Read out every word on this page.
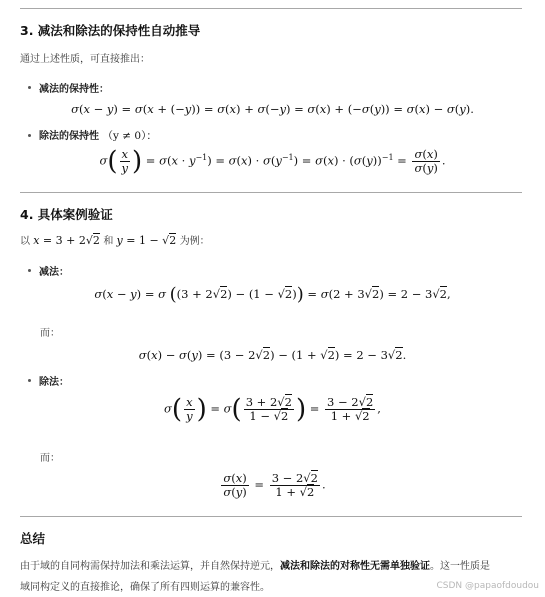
3. 减法和除法的保持性自动推导
通过上述性质，可直接推出：
减法的保持性：
σ(x − y) = σ(x + (−y)) = σ(x) + σ(−y) = σ(x) + (−σ(y)) = σ(x) − σ(y).
除法的保持性 （y ≠ 0）：
$\sigma( \frac{x}{y}$ ) = $\sigma(x \cdot y^{-1}) = \sigma(x) \cdot \sigma(y^{-1}) = \sigma(x) \cdot (\sigma(y))^{-1} = \frac{\sigma(x)}{\sigma(y)}$ .
4. 具体案例验证
以 x = 3 + 2√2 和 y = 1 − √2 为例：
减法：
σ(x − y) = σ ((3 + 2√2) − (1 − √2)) = σ(2 + 3√2) = 2 − 3√2,
而：
σ(x) − σ(y) = (3 − 2√2) − (1 + √2) = 2 − 3√2.
除法：
$\sigma( \frac{x}{y}$ ) = $\sigma( \frac{3 + 2√2}{1 - √2}$ ) = $\frac{3 - 2√2}{1 + √2}$ ,
而：
$\frac{\sigma(x)}{\sigma(y)} = \frac{3 - 2√2}{1 + √2}$ .
总结
由于域的自同构需保持加法和乘法运算，并自然保持逆元，减法和除法的对称性无需单独验证。这一性质是
域同构定义的直接推论，确保了所有四则运算的兼容性。	CSDN @papaofdoudou
